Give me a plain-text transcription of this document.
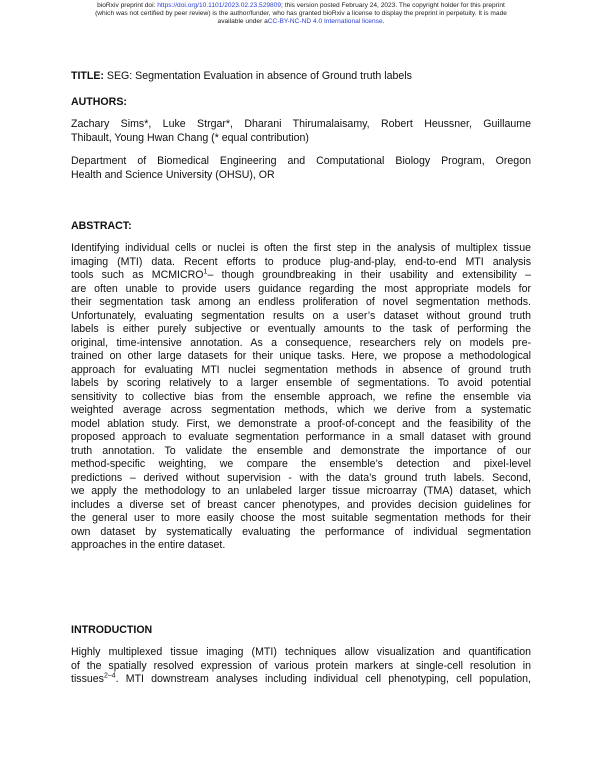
bioRxiv preprint doi: https://doi.org/10.1101/2023.02.23.529809; this version posted February 24, 2023. The copyright holder for this preprint
(which was not certified by peer review) is the author/funder, who has granted bioRxiv a license to display the preprint in perpetuity. It is made
available under aCC-BY-NC-ND 4.0 International license.
TITLE: SEG: Segmentation Evaluation in absence of Ground truth labels
AUTHORS:
Zachary Sims*, Luke Strgar*, Dharani Thirumalaisamy, Robert Heussner, Guillaume
Thibault, Young Hwan Chang (* equal contribution)
Department of Biomedical Engineering and Computational Biology Program, Oregon
Health and Science University (OHSU), OR
ABSTRACT:
Identifying individual cells or nuclei is often the first step in the analysis of multiplex tissue
imaging (MTI) data. Recent efforts to produce plug-and-play, end-to-end MTI analysis
tools such as MCMICRO$^1$– though groundbreaking in their usability and extensibility –
are often unable to provide users guidance regarding the most appropriate models for
their segmentation task among an endless proliferation of novel segmentation methods.
Unfortunately, evaluating segmentation results on a user’s dataset without ground truth
labels is either purely subjective or eventually amounts to the task of performing the
original, time-intensive annotation. As a consequence, researchers rely on models pre-
trained on other large datasets for their unique tasks. Here, we propose a methodological
approach for evaluating MTI nuclei segmentation methods in absence of ground truth
labels by scoring relatively to a larger ensemble of segmentations. To avoid potential
sensitivity to collective bias from the ensemble approach, we refine the ensemble via
weighted average across segmentation methods, which we derive from a systematic
model ablation study. First, we demonstrate a proof-of-concept and the feasibility of the
proposed approach to evaluate segmentation performance in a small dataset with ground
truth annotation. To validate the ensemble and demonstrate the importance of our
method-specific weighting, we compare the ensemble’s detection and pixel-level
predictions – derived without supervision - with the data’s ground truth labels. Second,
we apply the methodology to an unlabeled larger tissue microarray (TMA) dataset, which
includes a diverse set of breast cancer phenotypes, and provides decision guidelines for
the general user to more easily choose the most suitable segmentation methods for their
own dataset by systematically evaluating the performance of individual segmentation
approaches in the entire dataset.
INTRODUCTION
Highly multiplexed tissue imaging (MTI) techniques allow visualization and quantification
of the spatially resolved expression of various protein markers at single-cell resolution in
tissues$^{2-4}$. MTI downstream analyses including individual cell phenotyping, cell population,
